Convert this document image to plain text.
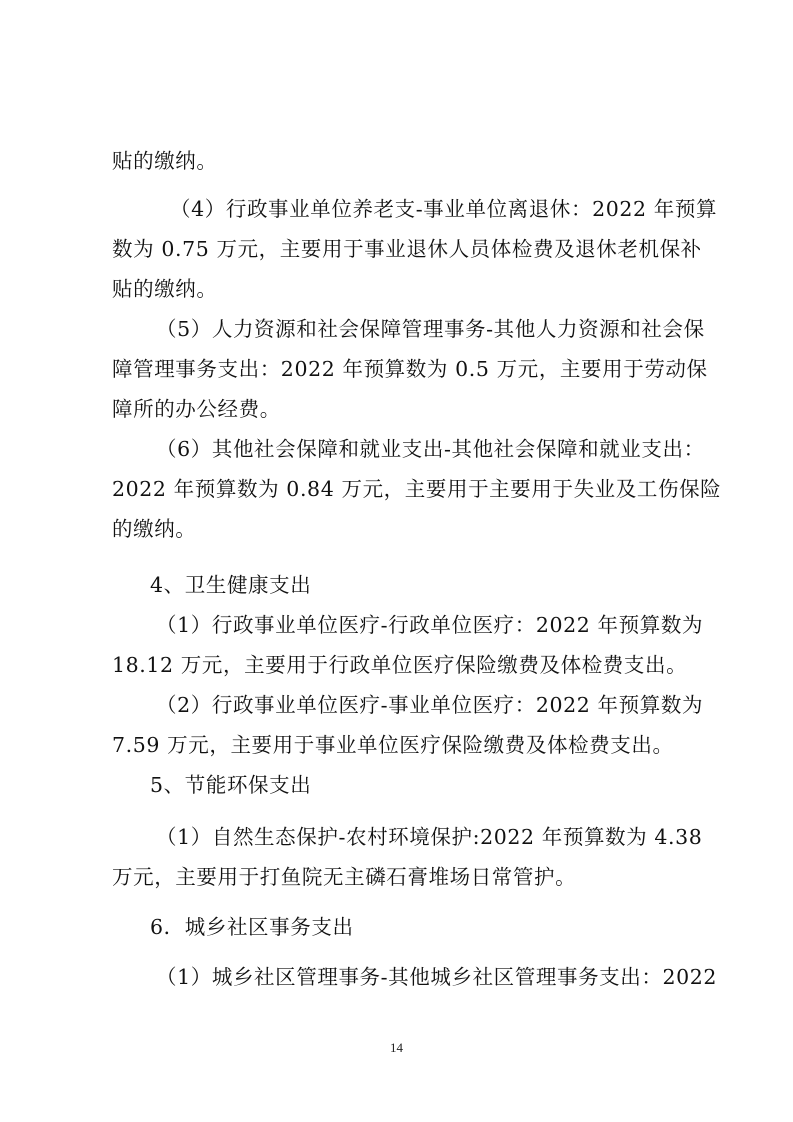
贴的缴纳。
（4）行政事业单位养老支-事业单位离退休：2022 年预算
数为 0.75 万元，主要用于事业退休人员体检费及退休老机保补
贴的缴纳。
（5）人力资源和社会保障管理事务-其他人力资源和社会保
障管理事务支出：2022 年预算数为 0.5 万元，主要用于劳动保
障所的办公经费。
（6）其他社会保障和就业支出-其他社会保障和就业支出：
2022 年预算数为 0.84 万元，主要用于主要用于失业及工伤保险
的缴纳。
4、卫生健康支出
（1）行政事业单位医疗-行政单位医疗：2022 年预算数为
18.12 万元，主要用于行政单位医疗保险缴费及体检费支出。
（2）行政事业单位医疗-事业单位医疗：2022 年预算数为
7.59 万元，主要用于事业单位医疗保险缴费及体检费支出。
5、节能环保支出
（1）自然生态保护-农村环境保护:2022 年预算数为 4.38
万元，主要用于打鱼院无主磷石膏堆场日常管护。
6．城乡社区事务支出
（1）城乡社区管理事务-其他城乡社区管理事务支出：2022
14
